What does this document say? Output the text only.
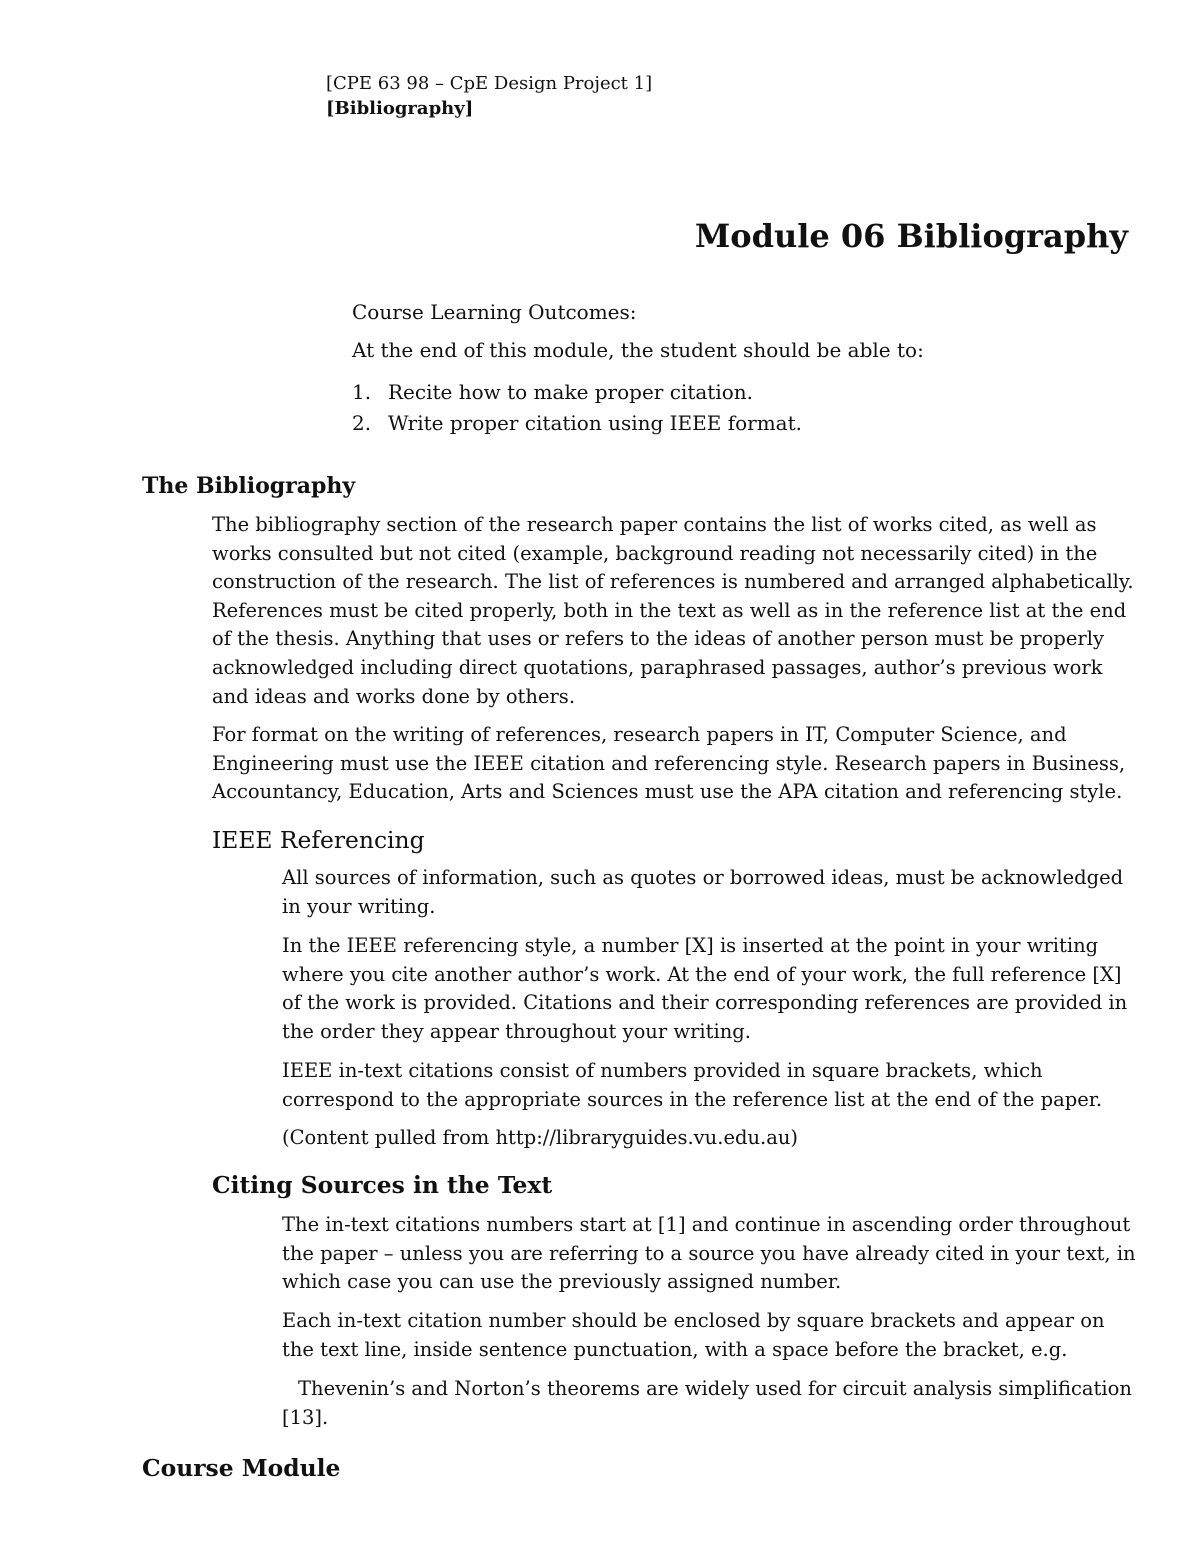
[CPE 63 98 – CpE Design Project 1]
[Bibliography]
Module 06 Bibliography
Course Learning Outcomes:
At the end of this module, the student should be able to:
1. Recite how to make proper citation.
2. Write proper citation using IEEE format.
The Bibliography

The bibliography section of the research paper contains the list of works cited, as well as works consulted but not cited (example, background reading not necessarily cited) in the construction of the research. The list of references is numbered and arranged alphabetically. References must be cited properly, both in the text as well as in the reference list at the end of the thesis. Anything that uses or refers to the ideas of another person must be properly acknowledged including direct quotations, paraphrased passages, author’s previous work and ideas and works done by others.

For format on the writing of references, research papers in IT, Computer Science, and Engineering must use the IEEE citation and referencing style. Research papers in Business, Accountancy, Education, Arts and Sciences must use the APA citation and referencing style.

IEEE Referencing

All sources of information, such as quotes or borrowed ideas, must be acknowledged in your writing.

In the IEEE referencing style, a number [X] is inserted at the point in your writing where you cite another author’s work. At the end of your work, the full reference [X] of the work is provided. Citations and their corresponding references are provided in the order they appear throughout your writing.

IEEE in-text citations consist of numbers provided in square brackets, which correspond to the appropriate sources in the reference list at the end of the paper.

(Content pulled from http://libraryguides.vu.edu.au)

Citing Sources in the Text

The in-text citations numbers start at [1] and continue in ascending order throughout the paper – unless you are referring to a source you have already cited in your text, in which case you can use the previously assigned number.

Each in-text citation number should be enclosed by square brackets and appear on the text line, inside sentence punctuation, with a space before the bracket, e.g.

Thevenin’s and Norton’s theorems are widely used for circuit analysis simplification [13].

Course Module
